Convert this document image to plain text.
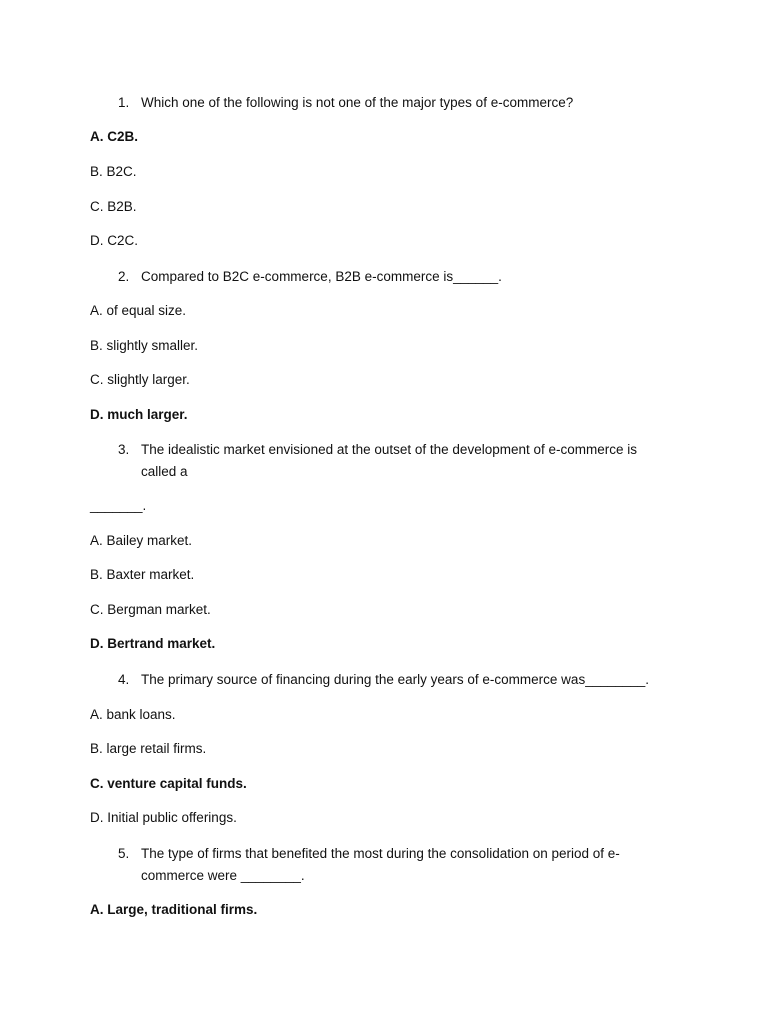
1. Which one of the following is not one of the major types of e-commerce?
A. C2B.
B. B2C.
C. B2B.
D. C2C.
2. Compared to B2C e-commerce, B2B e-commerce is______.
A. of equal size.
B. slightly smaller.
C. slightly larger.
D. much larger.
3. The idealistic market envisioned at the outset of the development of e-commerce is called a
_______.
A. Bailey market.
B. Baxter market.
C. Bergman market.
D. Bertrand market.
4. The primary source of financing during the early years of e-commerce was________.
A. bank loans.
B. large retail firms.
C. venture capital funds.
D. Initial public offerings.
5. The type of firms that benefited the most during the consolidation on period of e-commerce were ________.
A. Large, traditional firms.
